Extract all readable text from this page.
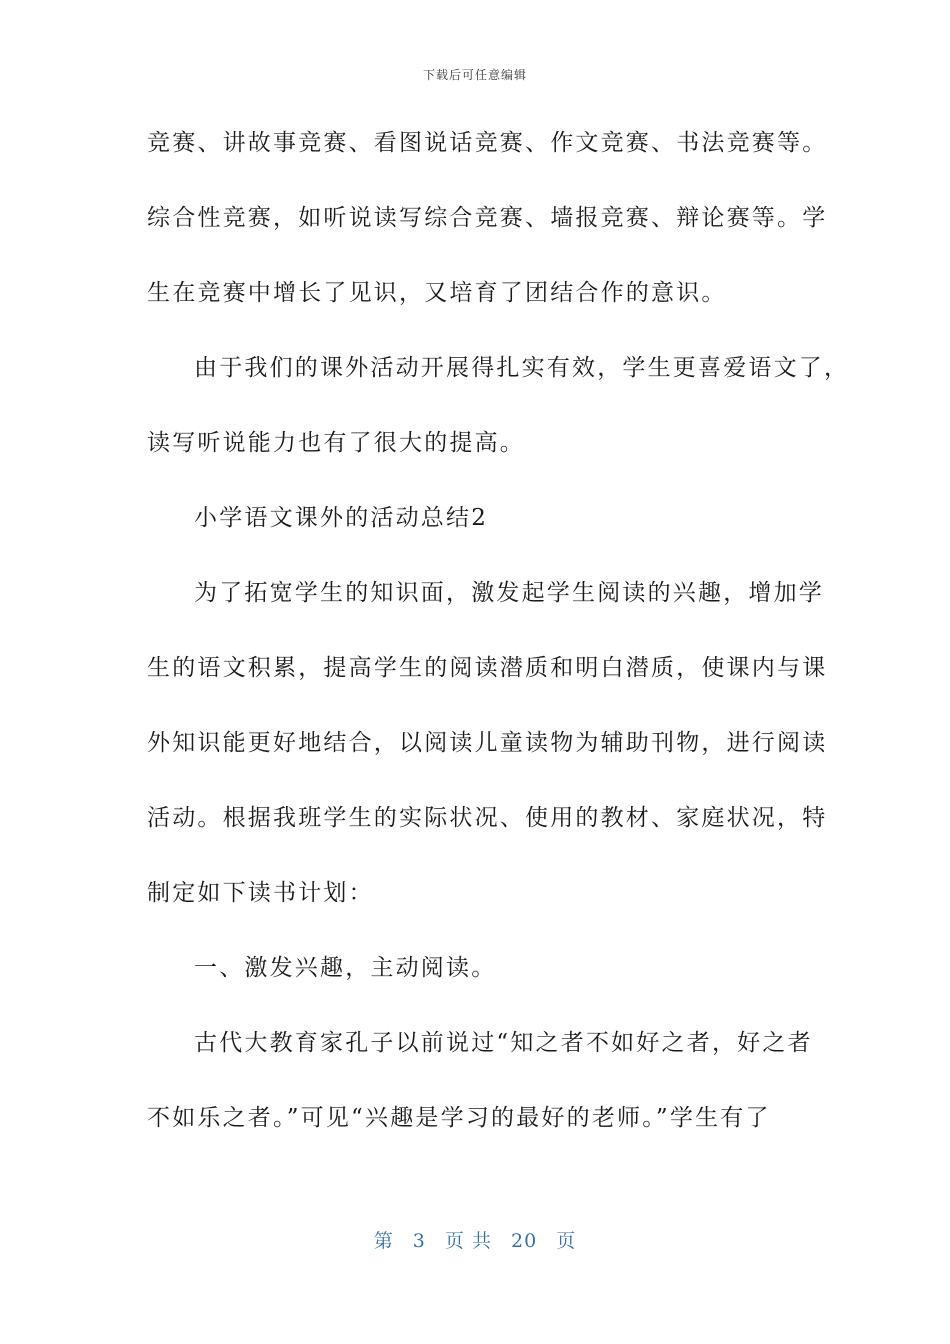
下载后可任意编辑
竞赛、讲故事竞赛、看图说话竞赛、作文竞赛、书法竞赛等。
综合性竞赛，如听说读写综合竞赛、墙报竞赛、辩论赛等。学
生在竞赛中增长了见识，又培育了团结合作的意识。
由于我们的课外活动开展得扎实有效，学生更喜爱语文了，
读写听说能力也有了很大的提高。
小学语文课外的活动总结2
为了拓宽学生的知识面，激发起学生阅读的兴趣，增加学
生的语文积累，提高学生的阅读潜质和明白潜质，使课内与课
外知识能更好地结合，以阅读儿童读物为辅助刊物，进行阅读
活动。根据我班学生的实际状况、使用的教材、家庭状况，特
制定如下读书计划：
一、激发兴趣，主动阅读。
古代大教育家孔子以前说过“知之者不如好之者，好之者
不如乐之者。”可见“兴趣是学习的最好的老师。”学生有了
第 3 页 共 20 页
